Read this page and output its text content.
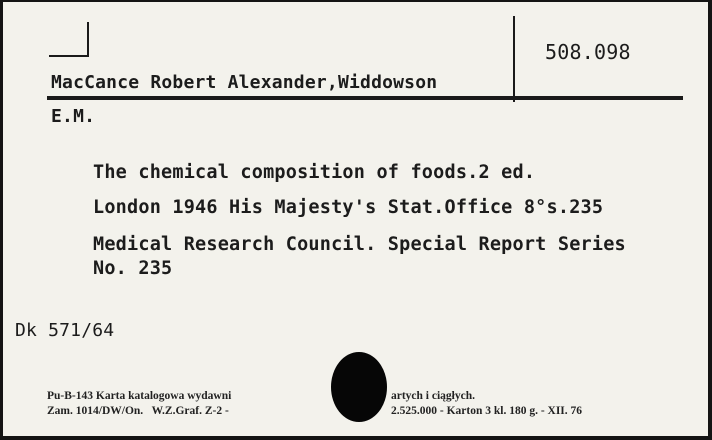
508.098
MacCance Robert Alexander,Widdowson
E.M.
The chemical composition of foods.2 ed.
London 1946 His Majesty's Stat.Office 8°s.235
Medical Research Council. Special Report Series
No. 235
Dk 571/64
Pu-B-143 Karta katalogowa wydawni	artych i ciągłych.
Zam. 1014/DW/On.   W.Z.Graf. Z-2 -	2.525.000 - Karton 3 kl. 180 g. - XII. 76
